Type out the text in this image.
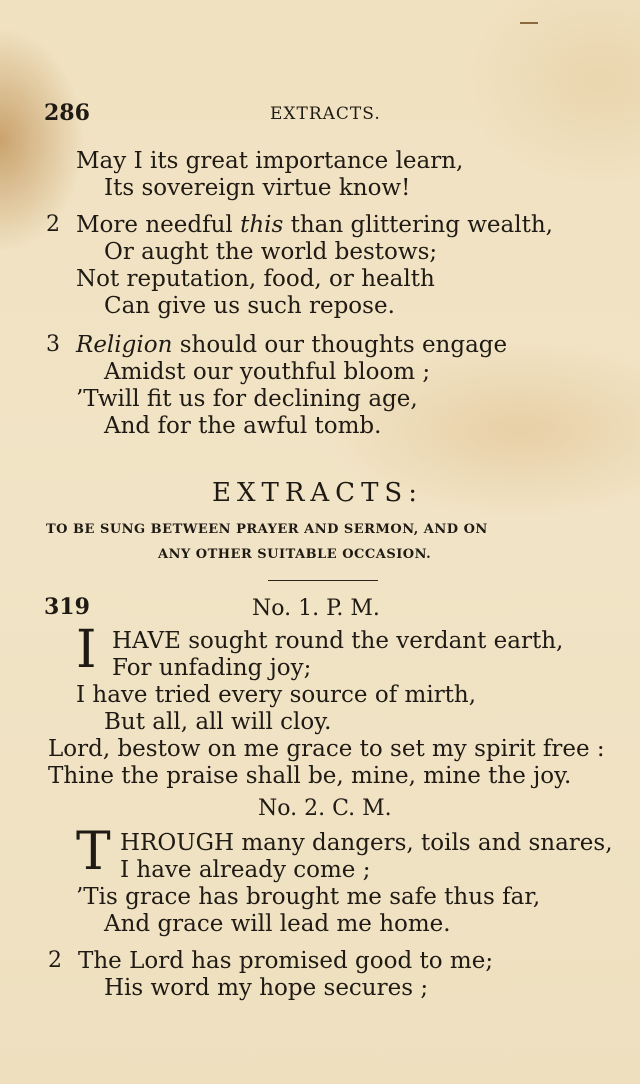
286	EXTRACTS.
May I its great importance learn,
Its sovereign virtue know!
2 More needful this than glittering wealth,
Or aught the world bestows;
Not reputation, food, or health
Can give us such repose.
3 Religion should our thoughts engage
Amidst our youthful bloom ;
’Twill fit us for declining age,
And for the awful tomb.
EXTRACTS:
TO BE SUNG BETWEEN PRAYER AND SERMON, AND ON
ANY OTHER SUITABLE OCCASION.
319	No. 1. P. M.
I HAVE sought round the verdant earth,
For unfading joy;
I have tried every source of mirth,
But all, all will cloy.
Lord, bestow on me grace to set my spirit free :
Thine the praise shall be, mine, mine the joy.
No. 2. C. M.
T HROUGH many dangers, toils and snares,
I have already come ;
’Tis grace has brought me safe thus far,
And grace will lead me home.
2 The Lord has promised good to me;
His word my hope secures ;
